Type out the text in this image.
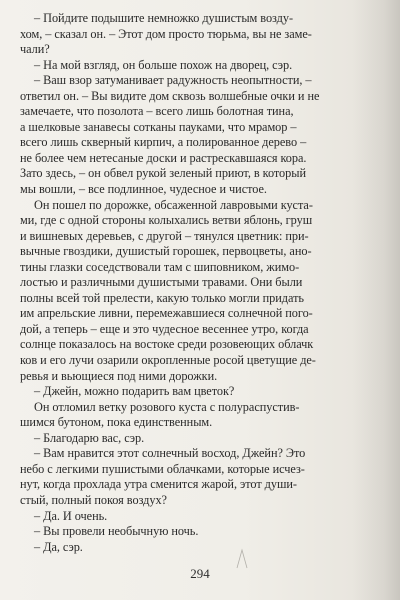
– Пойдите подышите немножко душистым возду-
хом, – сказал он. – Этот дом просто тюрьма, вы не заме-
чали?
– На мой взгляд, он больше похож на дворец, сэр.
– Ваш взор затуманивает радужность неопытности, –
ответил он. – Вы видите дом сквозь волшебные очки и не
замечаете, что позолота – всего лишь болотная тина,
а шелковые занавесы сотканы пауками, что мрамор –
всего лишь скверный кирпич, а полированное дерево –
не более чем нетесаные доски и растрескавшаяся кора.
Зато здесь, – он обвел рукой зеленый приют, в который
мы вошли, – все подлинное, чудесное и чистое.
Он пошел по дорожке, обсаженной лавровыми куста-
ми, где с одной стороны колыхались ветви яблонь, груш
и вишневых деревьев, с другой – тянулся цветник: при-
вычные гвоздики, душистый горошек, первоцветы, ано-
тины глазки соседствовали там с шиповником, жимо-
лостью и различными душистыми травами. Они были
полны всей той прелести, какую только могли придать
им апрельские ливни, перемежавшиеся солнечной пого-
дой, а теперь – еще и это чудесное весеннее утро, когда
солнце показалось на востоке среди розовеющих облачк
ков и его лучи озарили окропленные росой цветущие де-
ревья и вьющиеся под ними дорожки.
– Джейн, можно подарить вам цветок?
Он отломил ветку розового куста с полураспустив-
шимся бутоном, пока единственным.
– Благодарю вас, сэр.
– Вам нравится этот солнечный восход, Джейн? Это
небо с легкими пушистыми облачками, которые исчез-
нут, когда прохлада утра сменится жарой, этот души-
стый, полный покоя воздух?
– Да. И очень.
– Вы провели необычную ночь.
– Да, сэр.
294
